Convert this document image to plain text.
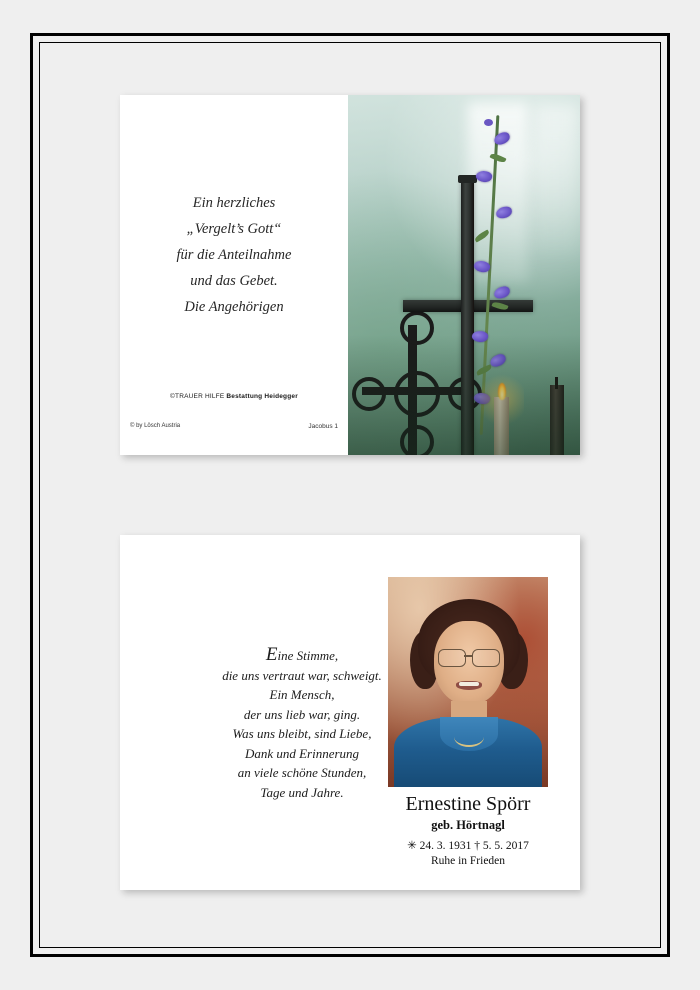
Ein herzliches
„Vergelt’s Gott“
für die Anteilnahme
und das Gebet.
Die Angehörigen
©TRAUER HILFE Bestattung Heidegger
© by Lösch Austria	Jacobus 1
Eine Stimme,
die uns vertraut war, schweigt.
Ein Mensch,
der uns lieb war, ging.
Was uns bleibt, sind Liebe,
Dank und Erinnerung
an viele schöne Stunden,
Tage und Jahre.
Ernestine Spörr
geb. Hörtnagl
✳ 24. 3. 1931 † 5. 5. 2017
Ruhe in Frieden
